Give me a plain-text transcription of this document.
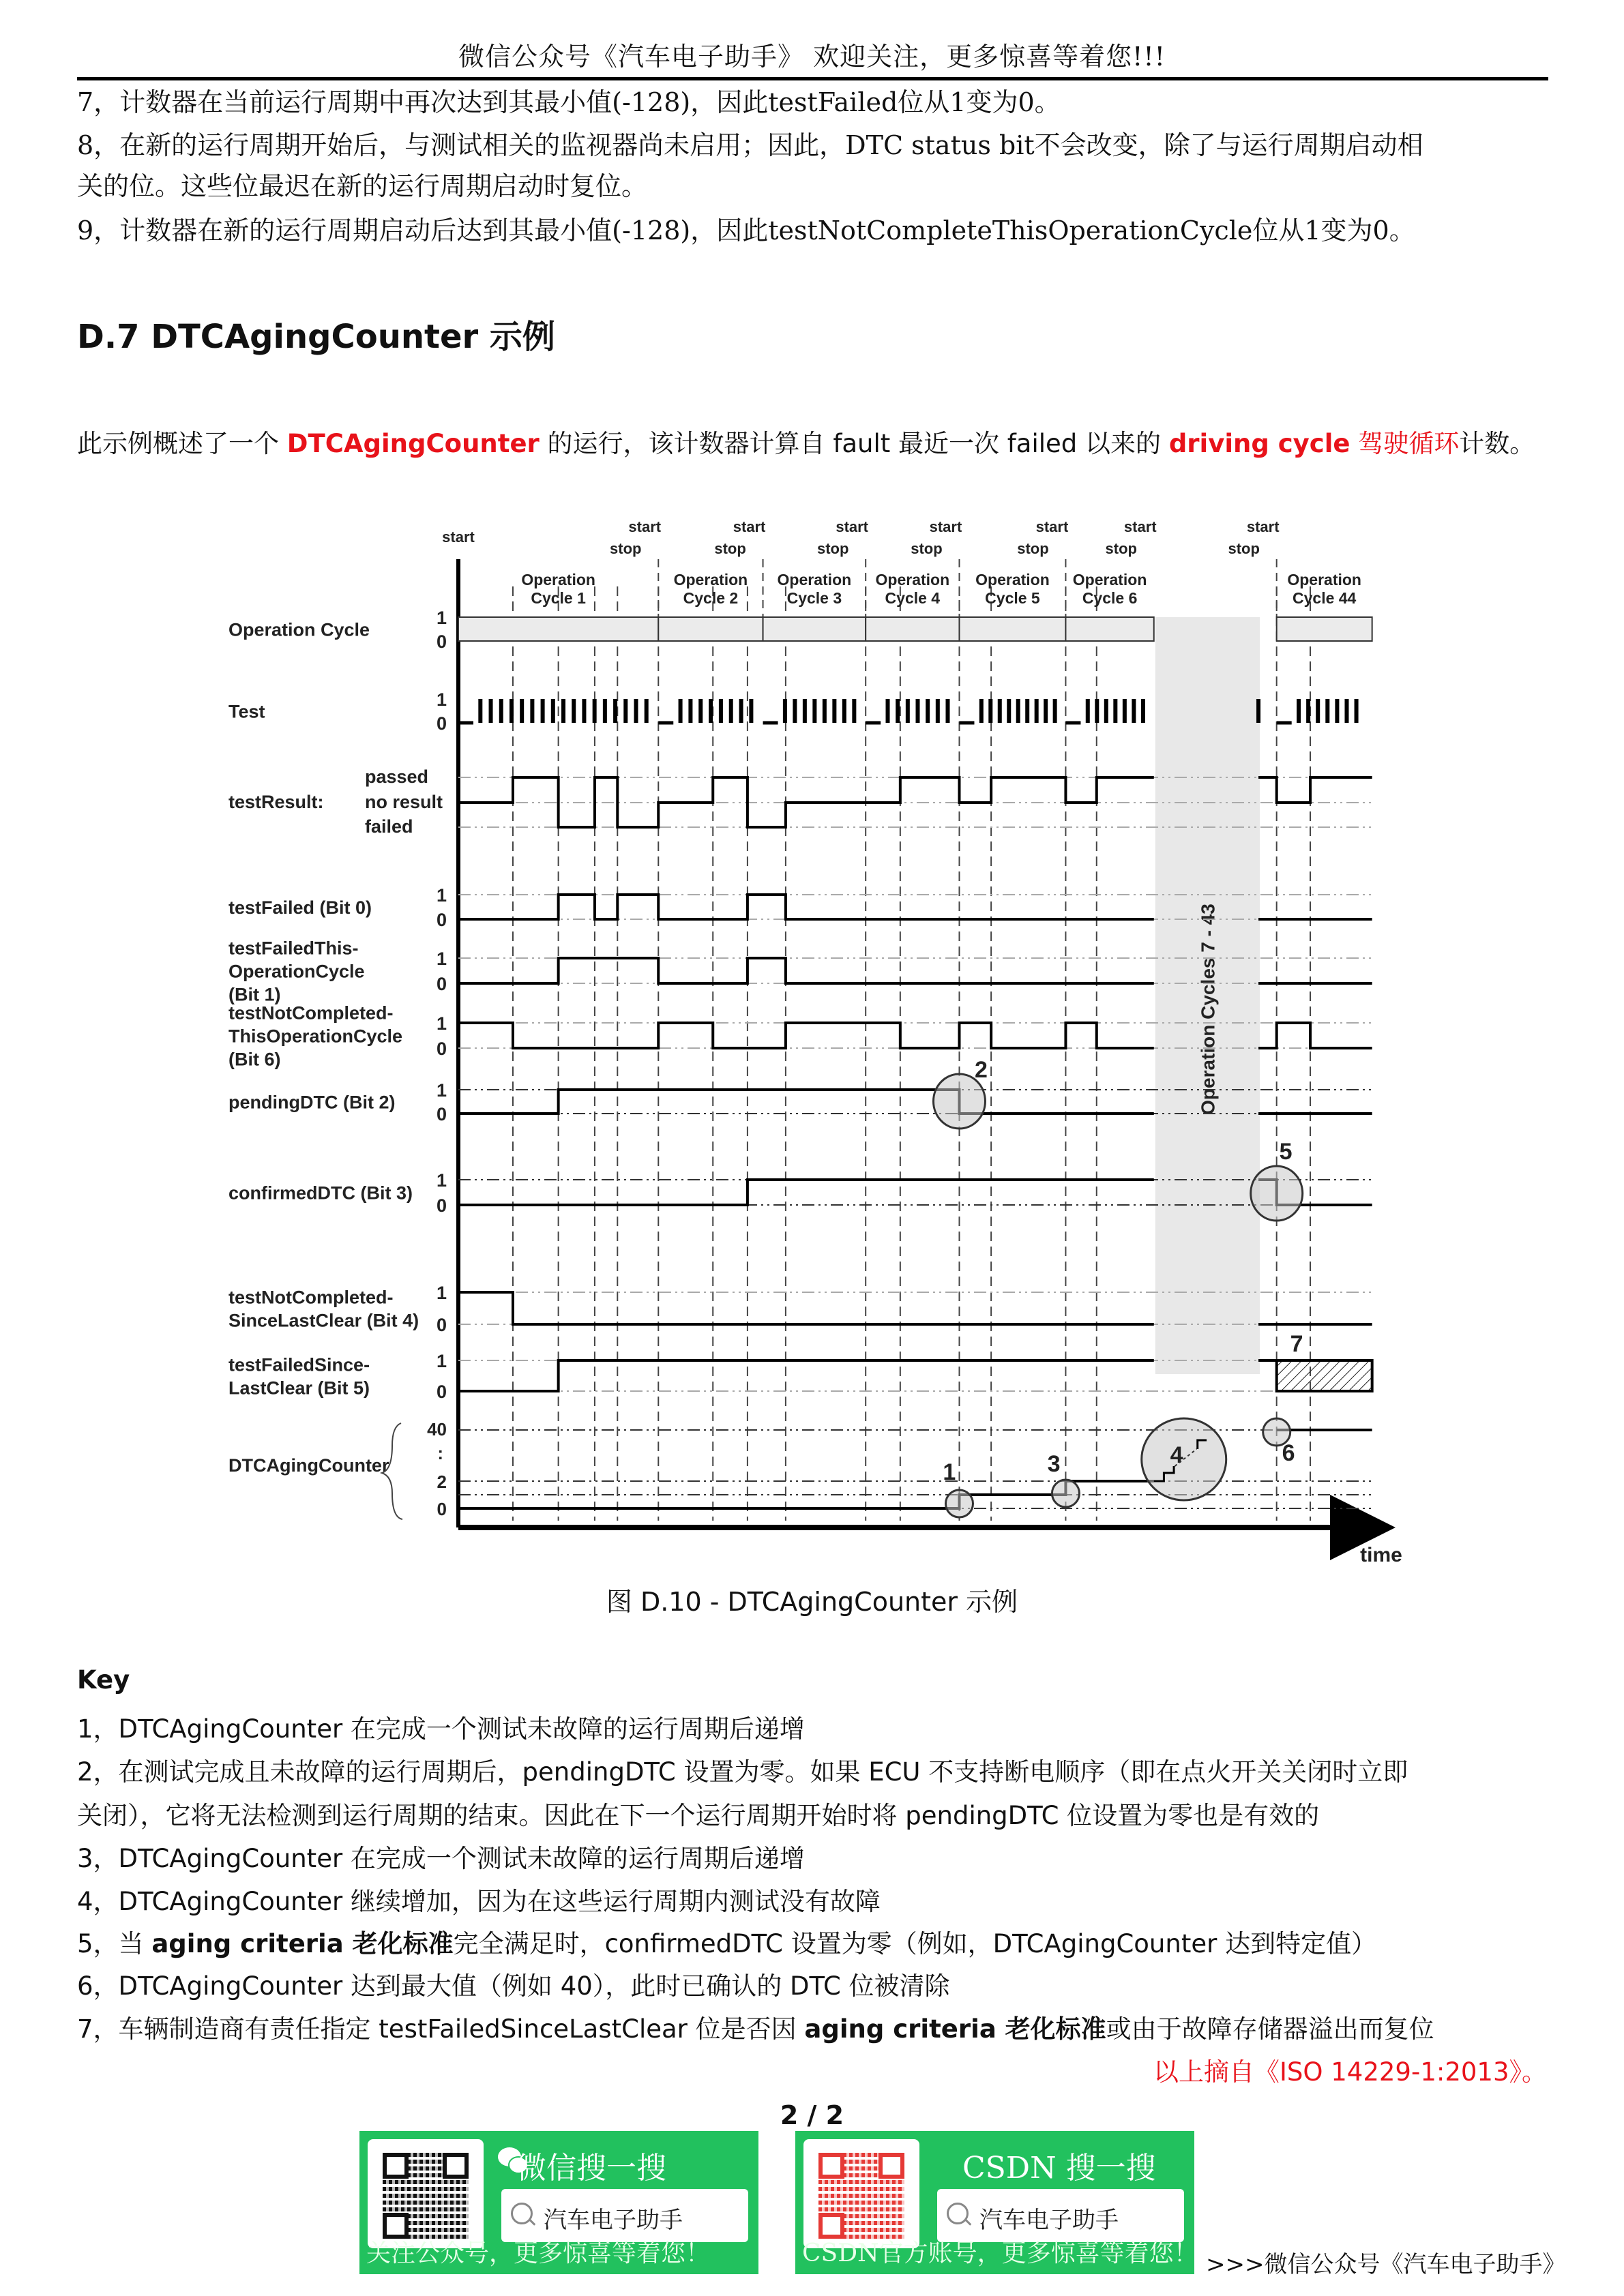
微信公众号《汽车电子助手》 欢迎关注，更多惊喜等着您!!!
7，计数器在当前运行周期中再次达到其最小值(-128)，因此testFailed位从1变为0。
8，在新的运行周期开始后，与测试相关的监视器尚未启用；因此，DTC status bit不会改变，除了与运行周期启动相
关的位。这些位最迟在新的运行周期启动时复位。
9，计数器在新的运行周期启动后达到其最小值(-128)，因此testNotCompleteThisOperationCycle位从1变为0。
D.7 DTCAgingCounter 示例
此示例概述了一个 DTCAgingCounter 的运行，该计数器计算自 fault 最近一次 failed 以来的 driving cycle 驾驶循环计数。
Operation Cycles 7 - 43
time
start
start
stop
start
stop
start
stop
start
stop
start
stop
start
stop
start
stop
Operation
Cycle 1
Operation
Cycle 2
Operation
Cycle 3
Operation
Cycle 4
Operation
Cycle 5
Operation
Cycle 6
Operation
Cycle 44
Operation Cycle
1
0
Test
1
0
testResult:
passed
no result
failed
testFailed (Bit 0)
1
0
testFailedThis-
OperationCycle
(Bit 1)
1
0
testNotCompleted-
ThisOperationCycle
(Bit 6)
1
0
pendingDTC (Bit 2)
1
0
confirmedDTC (Bit 3)
1
0
testNotCompleted-
SinceLastClear (Bit 4)
1
0
testFailedSince-
LastClear (Bit 5)
1
0
DTCAgingCounter
40
:
2
0
1
2
3	4
5
6
7
图 D.10 - DTCAgingCounter 示例
Key
1，DTCAgingCounter 在完成一个测试未故障的运行周期后递增
2，在测试完成且未故障的运行周期后，pendingDTC 设置为零。如果 ECU 不支持断电顺序（即在点火开关关闭时立即
关闭），它将无法检测到运行周期的结束。因此在下一个运行周期开始时将 pendingDTC 位设置为零也是有效的
3，DTCAgingCounter 在完成一个测试未故障的运行周期后递增
4，DTCAgingCounter 继续增加，因为在这些运行周期内测试没有故障
5，当 aging criteria 老化标准完全满足时，confirmedDTC 设置为零（例如，DTCAgingCounter 达到特定值）
6，DTCAgingCounter 达到最大值（例如 40），此时已确认的 DTC 位被清除
7，车辆制造商有责任指定 testFailedSinceLastClear 位是否因 aging criteria 老化标准或由于故障存储器溢出而复位
以上摘自《ISO 14229-1:2013》。
2 / 2
微信搜一搜
汽车电子助手
关注公众号，更多惊喜等着您！
CSDN 搜一搜
汽车电子助手
CSDN官方账号，更多惊喜等着您！ >>>微信公众号《汽车电子助手》
